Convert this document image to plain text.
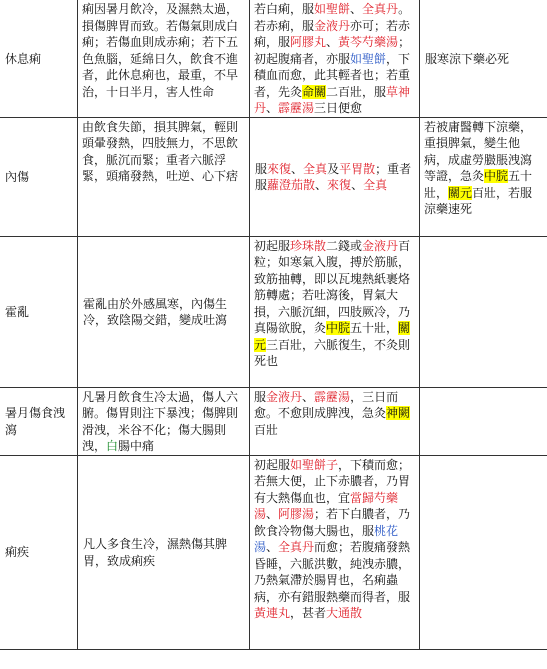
休息痢	痢因暑月飲冷，及濕熱太過，損傷脾胃而致。若傷氣則成白痢；若傷血則成赤痢；若下五色魚腦，延綿日久，飲食不進者，此休息痢也，最重，不早治，十日半月，害人性命	若白痢，服如聖餅、全真丹。若赤痢，服金液丹亦可；若赤痢，服阿膠丸、黃芩芍藥湯；初起腹痛者，亦服如聖餅，下積血而愈，此其輕者也；若重者，先灸命關二百壯，服草神丹、霹靂湯三日便愈	服寒涼下藥必死
內傷	由飲食失節，損其脾氣，輕則頭暈發熱，四肢無力，不思飲食，脈沉而緊；重者六脈浮緊，頭痛發熱，吐逆、心下痞	服來復、全真及平胃散；重者服蘿澄茄散、來復、全真	若被庸醫轉下涼藥，重損脾氣，變生他病，成虛勞臌脹洩瀉等證，急灸中脘五十壯，關元百壯，若服涼藥速死
霍亂	霍亂由於外感風寒，內傷生冷，致陰陽交錯，變成吐瀉	初起服珍珠散二錢或金液丹百粒；如寒氣入腹，搏於筋脈，致筋抽轉，即以瓦塊熱紙裹烙筋轉處；若吐瀉後，胃氣大損，六脈沉細，四肢厥冷，乃真陽欲脫，灸中脘五十壯，關元三百壯，六脈復生，不灸則死也	
暑月傷食洩瀉	凡暑月飲食生冷太過，傷人六腑。傷胃則注下暴洩；傷脾則滑洩，米谷不化；傷大腸則洩，白腸中痛	服金液丹、霹靂湯，三日而愈。不愈則成脾洩，急灸神闕百壯	
痢疾	凡人多食生冷，濕熱傷其脾胃，致成痢疾	初起服如聖餅子，下積而愈；若無大便，止下赤膿者，乃胃有大熱傷血也，宜當歸芍藥湯、阿膠湯；若下白膿者，乃飲食冷物傷大腸也，服桃花湯、全真丹而愈；若腹痛發熱昏睡，六脈洪數，純洩赤膿，乃熱氣滯於腸胃也，名痢蟲病，亦有錯服熱藥而得者，服黃連丸，甚者大通散	
